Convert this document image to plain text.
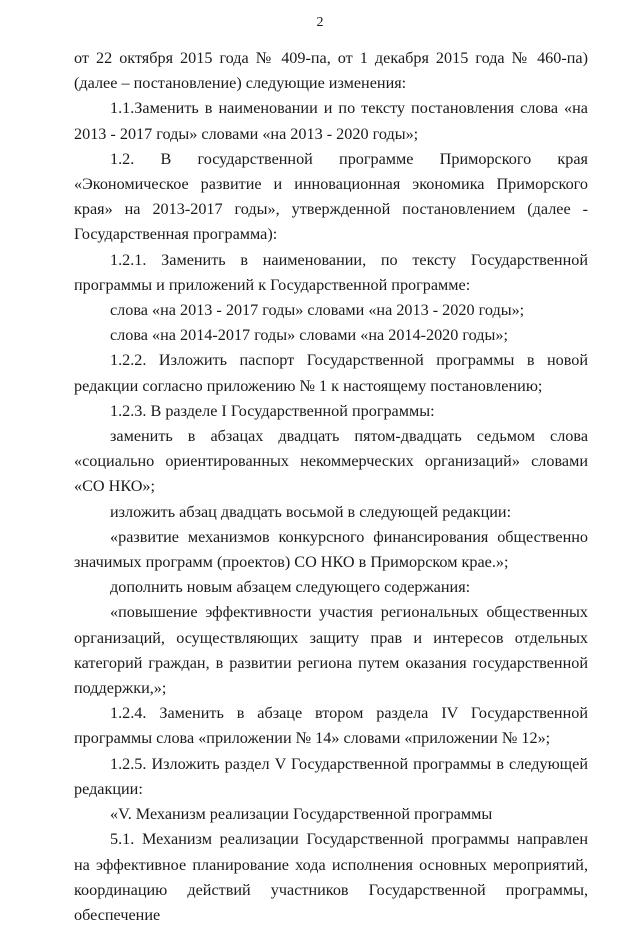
2

от 22 октября 2015 года № 409-па, от 1 декабря 2015 года № 460-па) (далее – постановление) следующие изменения:

1.1.Заменить в наименовании и по тексту постановления слова «на 2013 - 2017 годы» словами «на 2013 - 2020 годы»;

1.2. В государственной программе Приморского края «Экономическое развитие и инновационная экономика Приморского края» на 2013-2017 годы», утвержденной постановлением (далее - Государственная программа):

1.2.1. Заменить в наименовании, по тексту Государственной программы и приложений к Государственной программе:

слова «на 2013 - 2017 годы» словами «на 2013 - 2020 годы»;

слова «на 2014-2017 годы» словами «на 2014-2020 годы»;

1.2.2. Изложить паспорт Государственной программы в новой редакции согласно приложению № 1 к настоящему постановлению;

1.2.3. В разделе I Государственной программы:

заменить в абзацах двадцать пятом-двадцать седьмом слова «социально ориентированных некоммерческих организаций» словами «СО НКО»;

изложить абзац двадцать восьмой в следующей редакции:

«развитие механизмов конкурсного финансирования общественно значимых программ (проектов) СО НКО в Приморском крае.»;

дополнить новым абзацем следующего содержания:

«повышение эффективности участия региональных общественных организаций, осуществляющих защиту прав и интересов отдельных категорий граждан, в развитии региона путем оказания государственной поддержки,»;

1.2.4. Заменить в абзаце втором раздела IV Государственной программы слова «приложении № 14» словами «приложении № 12»;

1.2.5. Изложить раздел V Государственной программы в следующей редакции:

«V. Механизм реализации Государственной программы

5.1. Механизм реализации Государственной программы направлен на эффективное планирование хода исполнения основных мероприятий, координацию действий участников Государственной программы, обеспечение
